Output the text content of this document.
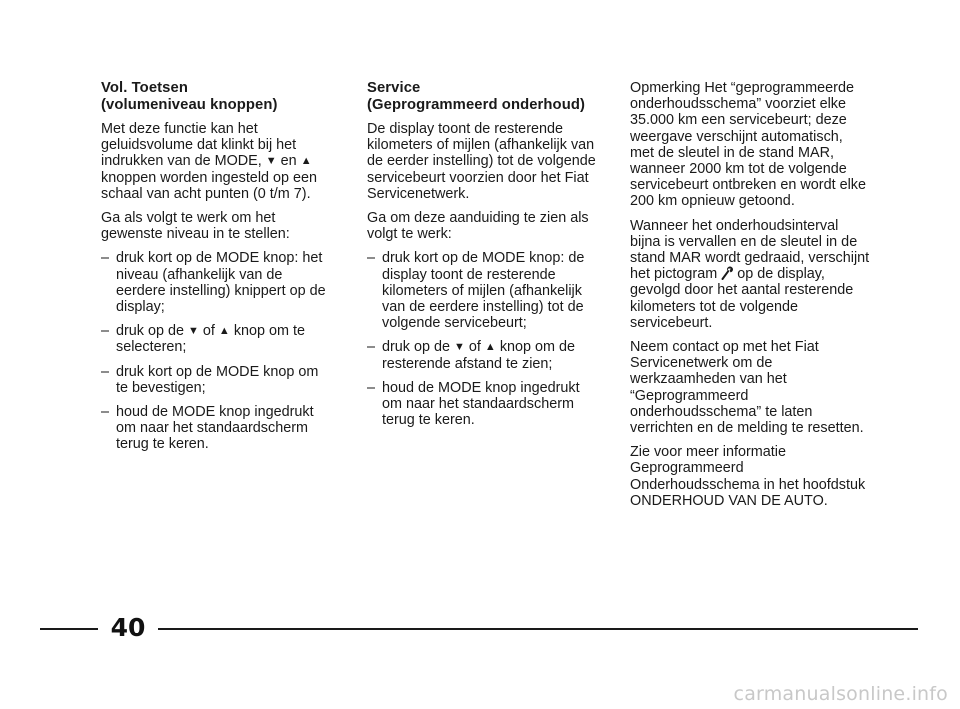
Vol. Toetsen
(volumeniveau knoppen)

Met deze functie kan het geluidsvolume dat klinkt bij het indrukken van de MODE, ▼ en ▲ knoppen worden ingesteld op een schaal van acht punten (0 t/m 7).

Ga als volgt te werk om het gewenste niveau in te stellen:

– druk kort op de MODE knop: het niveau (afhankelijk van de eerdere instelling) knippert op de display;
– druk op de ▼ of ▲ knop om te selecteren;
– druk kort op de MODE knop om te bevestigen;
– houd de MODE knop ingedrukt om naar het standaardscherm terug te keren.
Service
(Geprogrammeerd onderhoud)

De display toont de resterende kilometers of mijlen (afhankelijk van de eerder instelling) tot de volgende servicebeurt voorzien door het Fiat Servicenetwerk.

Ga om deze aanduiding te zien als volgt te werk:

– druk kort op de MODE knop: de display toont de resterende kilometers of mijlen (afhankelijk van de eerdere instelling) tot de volgende servicebeurt;
– druk op de ▼ of ▲ knop om de resterende afstand te zien;
– houd de MODE knop ingedrukt om naar het standaardscherm terug te keren.

Opmerking Het “geprogrammeerde onderhoudsschema” voorziet elke 35.000 km een servicebeurt; deze weergave verschijnt automatisch, met de sleutel in de stand MAR, wanneer 2000 km tot de volgende servicebeurt ontbreken en wordt elke 200 km opnieuw getoond.

Wanneer het onderhoudsinterval bijna is vervallen en de sleutel in de stand MAR wordt gedraaid, verschijnt het pictogram op de display, gevolgd door het aantal resterende kilometers tot de volgende servicebeurt.

Neem contact op met het Fiat Servicenetwerk om de werkzaamheden van het “Geprogrammeerd onderhoudsschema” te laten verrichten en de melding te resetten.

Zie voor meer informatie Geprogrammeerd Onderhoudsschema in het hoofdstuk ONDERHOUD VAN DE AUTO.

40
carmanualsonline.info
